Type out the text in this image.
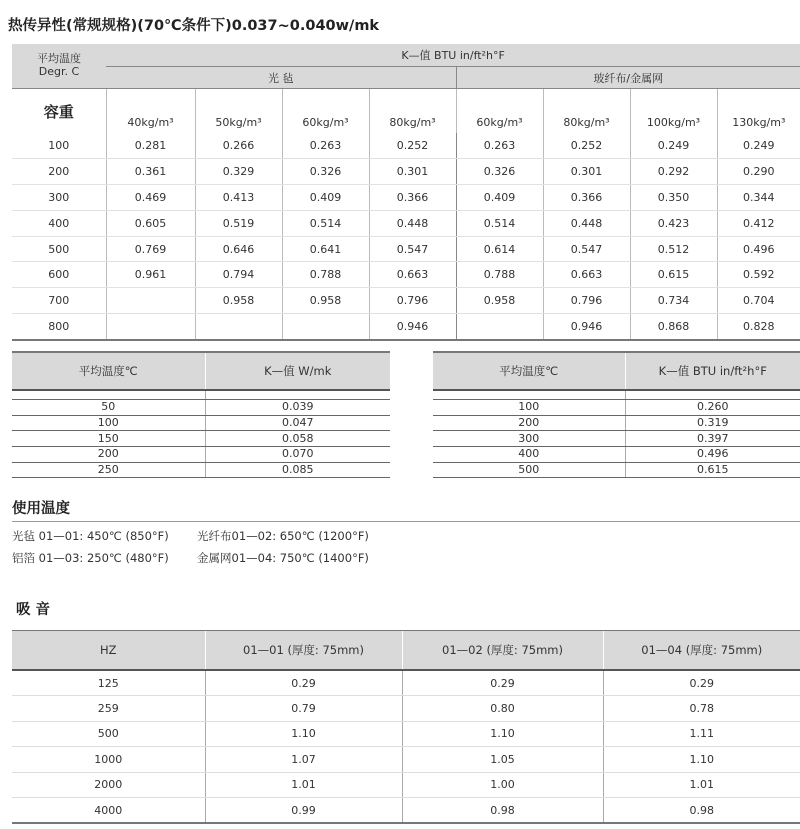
热传异性(常规规格)(70℃条件下)0.037~0.040w/mk
平均温度
Degr. C	K—值 BTU in/ft²h°F							
	光 毡				玻纤布/金属网			
容重	40kg/m³	50kg/m³	60kg/m³	80kg/m³	60kg/m³	80kg/m³	100kg/m³	130kg/m³
100	0.281	0.266	0.263	0.252	0.263	0.252	0.249	0.249
200	0.361	0.329	0.326	0.301	0.326	0.301	0.292	0.290
300	0.469	0.413	0.409	0.366	0.409	0.366	0.350	0.344
400	0.605	0.519	0.514	0.448	0.514	0.448	0.423	0.412
500	0.769	0.646	0.641	0.547	0.614	0.547	0.512	0.496
600	0.961	0.794	0.788	0.663	0.788	0.663	0.615	0.592
700		0.958	0.958	0.796	0.958	0.796	0.734	0.704
800				0.946		0.946	0.868	0.828
平均温度℃	K—值 W/mk

50	0.039
100	0.047
150	0.058
200	0.070
250	0.085
平均温度℃	K—值 BTU in/ft²h°F

100	0.260
200	0.319
300	0.397
400	0.496
500	0.615
使用温度
光毡 01—01: 450℃ (850°F) 光纤布01—02: 650℃ (1200°F)
铝箔 01—03: 250℃ (480°F) 金属网01—04: 750℃ (1400°F)
吸 音
HZ	01—01 (厚度: 75mm)	01—02 (厚度: 75mm)	01—04 (厚度: 75mm)
125	0.29	0.29	0.29
259	0.79	0.80	0.78
500	1.10	1.10	1.11
1000	1.07	1.05	1.10
2000	1.01	1.00	1.01
4000	0.99	0.98	0.98
